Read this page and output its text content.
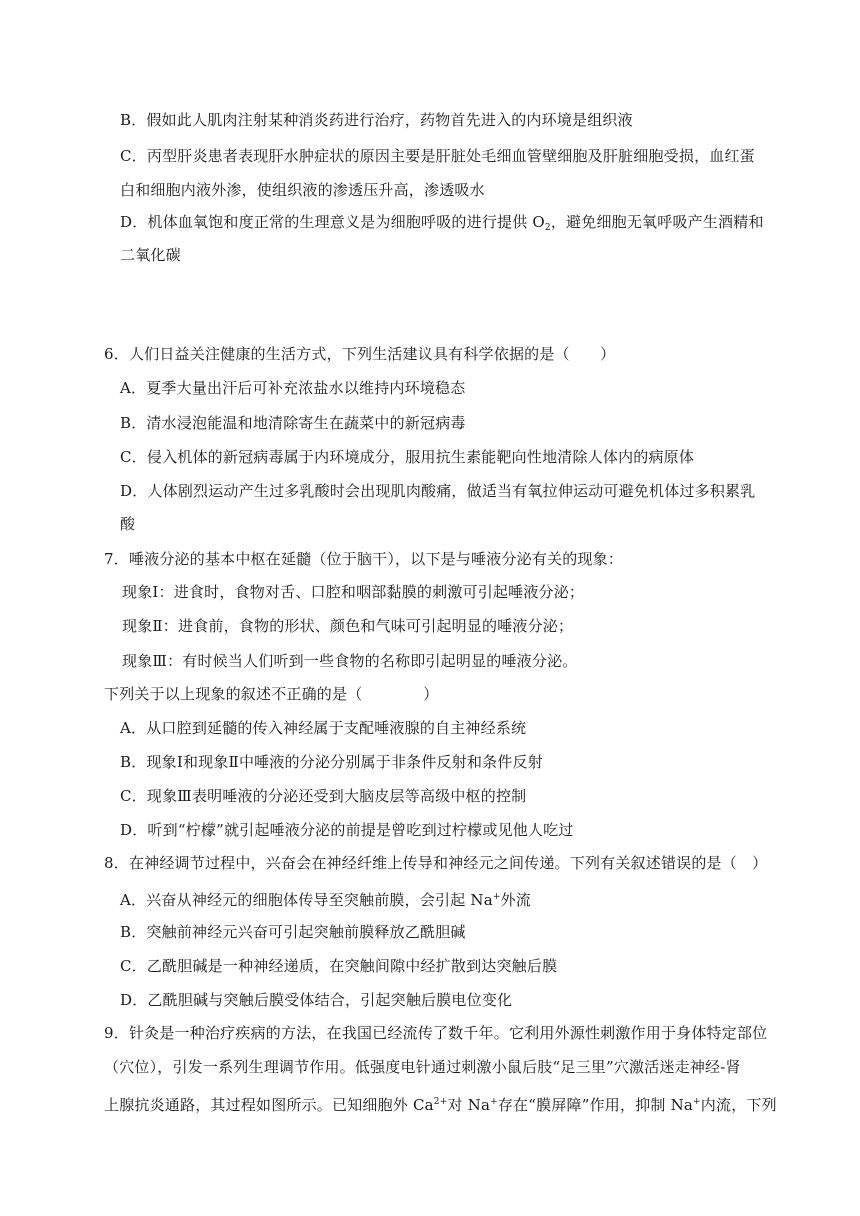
B．假如此人肌肉注射某种消炎药进行治疗，药物首先进入的内环境是组织液
C．丙型肝炎患者表现肝水肿症状的原因主要是肝脏处毛细血管壁细胞及肝脏细胞受损，血红蛋
白和细胞内液外渗，使组织液的渗透压升高，渗透吸水
D．机体血氧饱和度正常的生理意义是为细胞呼吸的进行提供 $O_2$，避免细胞无氧呼吸产生酒精和
二氧化碳
6．人们日益关注健康的生活方式，下列生活建议具有科学依据的是（　　）
A．夏季大量出汗后可补充浓盐水以维持内环境稳态
B．清水浸泡能温和地清除寄生在蔬菜中的新冠病毒
C．侵入机体的新冠病毒属于内环境成分，服用抗生素能靶向性地清除人体内的病原体
D．人体剧烈运动产生过多乳酸时会出现肌肉酸痛，做适当有氧拉伸运动可避免机体过多积累乳
酸
7．唾液分泌的基本中枢在延髓（位于脑干），以下是与唾液分泌有关的现象：
现象Ⅰ：进食时，食物对舌、口腔和咽部黏膜的刺激可引起唾液分泌；
现象Ⅱ：进食前，食物的形状、颜色和气味可引起明显的唾液分泌；
现象Ⅲ：有时候当人们听到一些食物的名称即引起明显的唾液分泌。
下列关于以上现象的叙述不正确的是（　　　　）
A．从口腔到延髓的传入神经属于支配唾液腺的自主神经系统
B．现象Ⅰ和现象Ⅱ中唾液的分泌分别属于非条件反射和条件反射
C．现象Ⅲ表明唾液的分泌还受到大脑皮层等高级中枢的控制
D．听到“柠檬”就引起唾液分泌的前提是曾吃到过柠檬或见他人吃过
8．在神经调节过程中，兴奋会在神经纤维上传导和神经元之间传递。下列有关叙述错误的是（　）
A．兴奋从神经元的细胞体传导至突触前膜，会引起 Na+外流
B．突触前神经元兴奋可引起突触前膜释放乙酰胆碱
C．乙酰胆碱是一种神经递质，在突触间隙中经扩散到达突触后膜
D．乙酰胆碱与突触后膜受体结合，引起突触后膜电位变化
9．针灸是一种治疗疾病的方法，在我国已经流传了数千年。它利用外源性刺激作用于身体特定部位
（穴位），引发一系列生理调节作用。低强度电针通过刺激小鼠后肢“足三里”穴激活迷走神经-肾
上腺抗炎通路，其过程如图所示。已知细胞外 $Ca^{2+}$对 Na+存在“膜屏障”作用，抑制 Na+内流，下列
